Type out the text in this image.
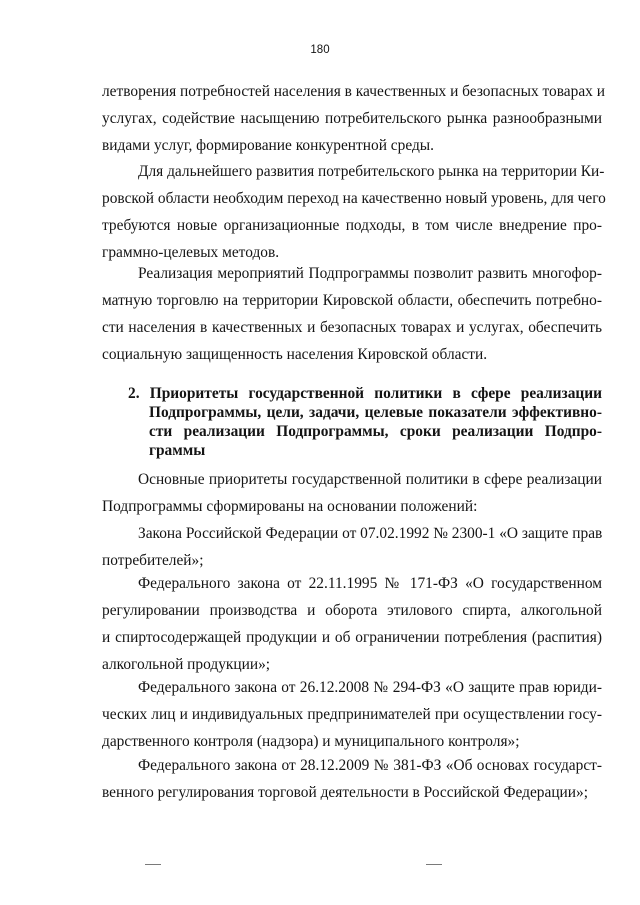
180
летворения потребностей населения в качественных и безопасных товарах и
услугах, содействие насыщению потребительского рынка разнообразными
видами услуг, формирование конкурентной среды.
Для дальнейшего развития потребительского рынка на территории Ки-
ровской области необходим переход на качественно новый уровень, для чего
требуются новые организационные подходы, в том числе внедрение про-
граммно-целевых методов.
Реализация мероприятий Подпрограммы позволит развить многофор-
матную торговлю на территории Кировской области, обеспечить потребно-
сти населения в качественных и безопасных товарах и услугах, обеспечить
социальную защищенность населения Кировской области.
2. Приоритеты государственной политики в сфере реализации
Подпрограммы, цели, задачи, целевые показатели эффективно-
сти реализации Подпрограммы, сроки реализации Подпро-
граммы
Основные приоритеты государственной политики в сфере реализации
Подпрограммы сформированы на основании положений:
Закона Российской Федерации от 07.02.1992 № 2300-1 «О защите прав
потребителей»;
Федерального закона от 22.11.1995 № 171-ФЗ «О государственном
регулировании производства и оборота этилового спирта, алкогольной
и спиртосодержащей продукции и об ограничении потребления (распития)
алкогольной продукции»;
Федерального закона от 26.12.2008 № 294-ФЗ «О защите прав юриди-
ческих лиц и индивидуальных предпринимателей при осуществлении госу-
дарственного контроля (надзора) и муниципального контроля»;
Федерального закона от 28.12.2009 № 381-ФЗ «Об основах государст-
венного регулирования торговой деятельности в Российской Федерации»;
